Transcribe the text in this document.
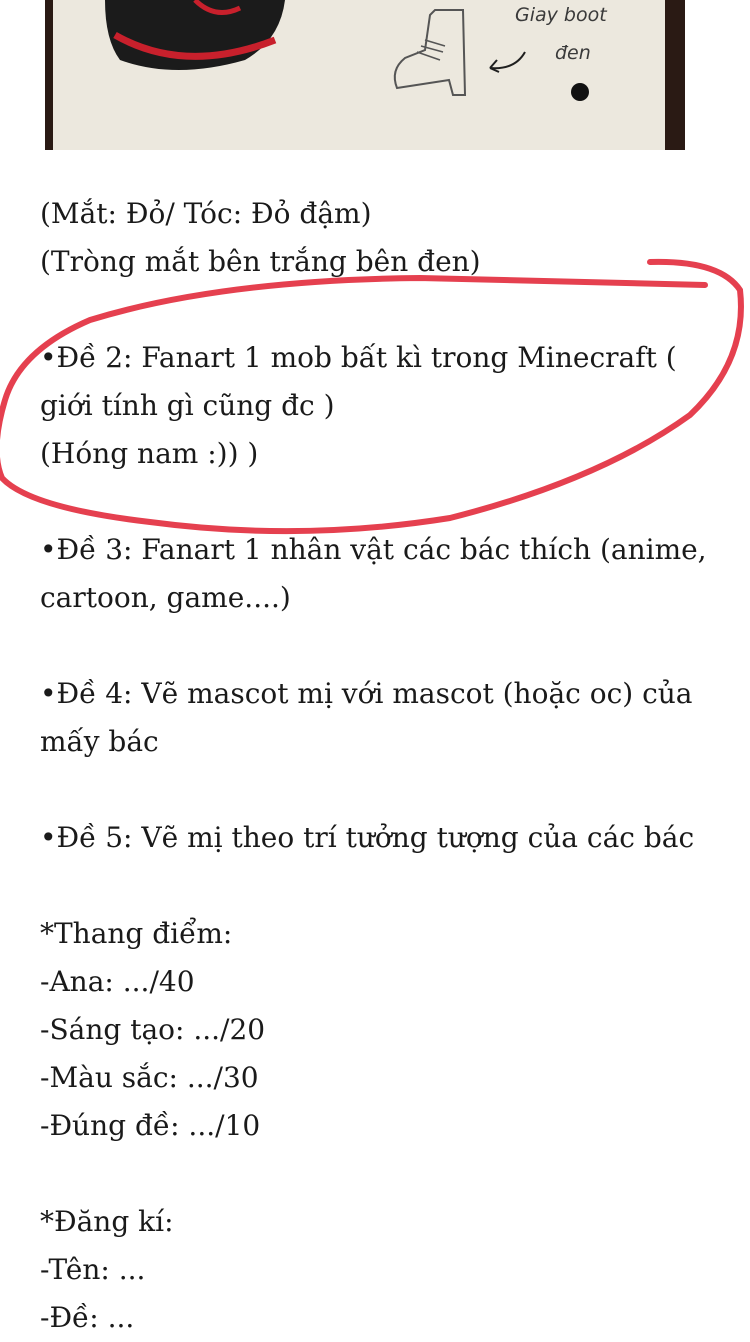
Giay boot
đen
(Mắt: Đỏ/ Tóc: Đỏ đậm)
(Tròng mắt bên trắng bên đen)
•Đề 2: Fanart 1 mob bất kì trong Minecraft (
giới tính gì cũng đc )
(Hóng nam :)) )
•Đề 3: Fanart 1 nhân vật các bác thích (anime, cartoon, game....)
•Đề 4: Vẽ mascot mị với mascot (hoặc oc) của mấy bác
•Đề 5: Vẽ mị theo trí tưởng tượng của các bác
*Thang điểm:
-Ana: .../40
-Sáng tạo: .../20
-Màu sắc: .../30
-Đúng đề: .../10
*Đăng kí:
-Tên: ...
-Đề: ...
